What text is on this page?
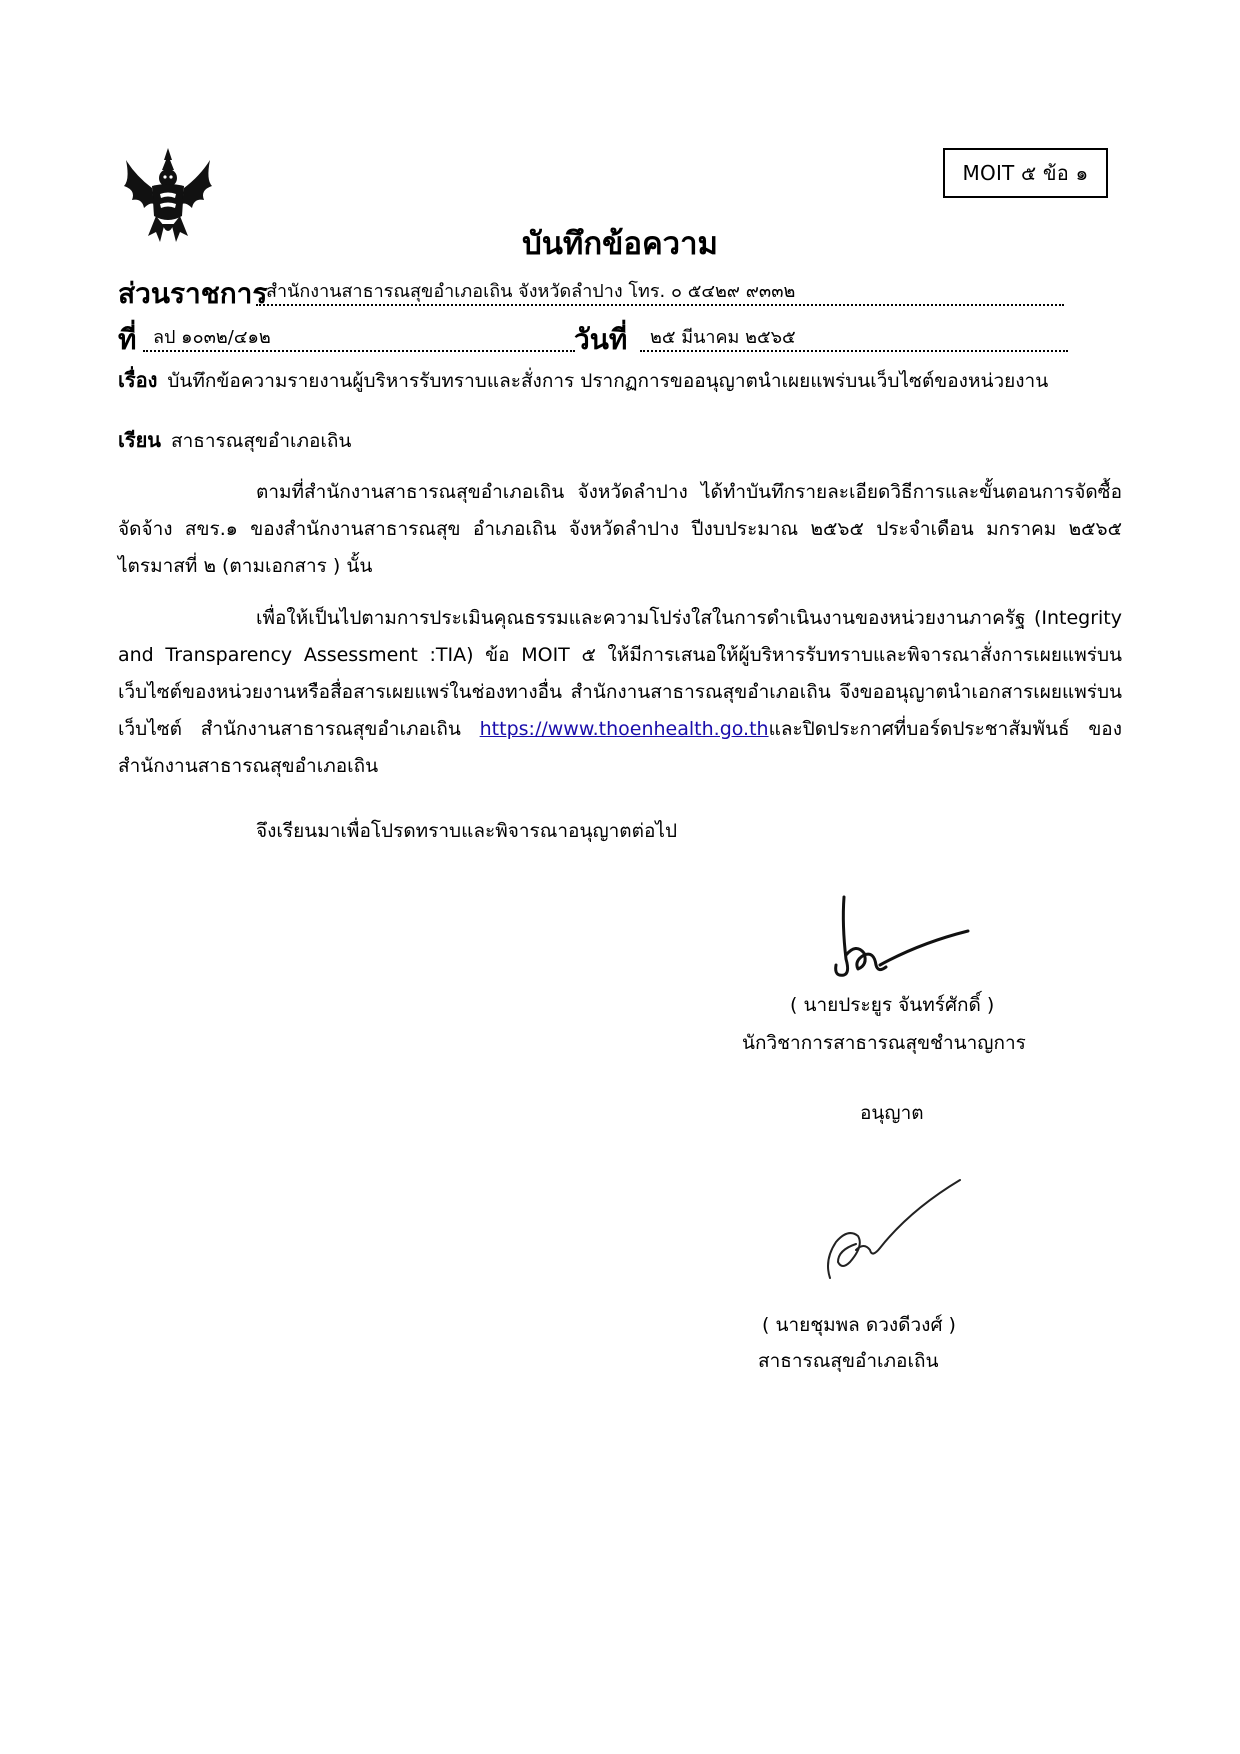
MOIT ๕ ข้อ ๑
บันทึกข้อความ
ส่วนราชการ
สำนักงานสาธารณสุขอำเภอเถิน จังหวัดลำปาง โทร. ๐ ๕๔๒๙ ๙๓๓๒
ที่ ลป ๑๐๓๒/๔๑๒	วันที่	๒๕ มีนาคม ๒๕๖๕
เรื่อง บันทึกข้อความรายงานผู้บริหารรับทราบและสั่งการ ปรากฏการขออนุญาตนำเผยแพร่บนเว็บไซต์ของหน่วยงาน
เรียน สาธารณสุขอำเภอเถิน
ตามที่สำนักงานสาธารณสุขอำเภอเถิน จังหวัดลำปาง ได้ทำบันทึกรายละเอียดวิธีการและขั้นตอนการจัดซื้อจัดจ้าง สขร.๑ ของสำนักงานสาธารณสุข อำเภอเถิน จังหวัดลำปาง ปีงบประมาณ ๒๕๖๕ ประจำเดือน มกราคม ๒๕๖๕ ไตรมาสที่ ๒ (ตามเอกสาร ) นั้น
เพื่อให้เป็นไปตามการประเมินคุณธรรมและความโปร่งใสในการดำเนินงานของหน่วยงานภาครัฐ (Integrity and Transparency Assessment :TIA) ข้อ MOIT ๕ ให้มีการเสนอให้ผู้บริหารรับทราบและพิจารณาสั่งการเผยแพร่บนเว็บไซต์ของหน่วยงานหรือสื่อสารเผยแพร่ในช่องทางอื่น สำนักงานสาธารณสุขอำเภอเถิน จึงขออนุญาตนำเอกสารเผยแพร่บนเว็บไซต์ สำนักงานสาธารณสุขอำเภอเถิน https://www.thoenhealth.go.thและปิดประกาศที่บอร์ดประชาสัมพันธ์ ของสำนักงานสาธารณสุขอำเภอเถิน
จึงเรียนมาเพื่อโปรดทราบและพิจารณาอนุญาตต่อไป
( นายประยูร จันทร์ศักดิ์ )
นักวิชาการสาธารณสุขชำนาญการ
อนุญาต
( นายชุมพล ดวงดีวงศ์ )
สาธารณสุขอำเภอเถิน
